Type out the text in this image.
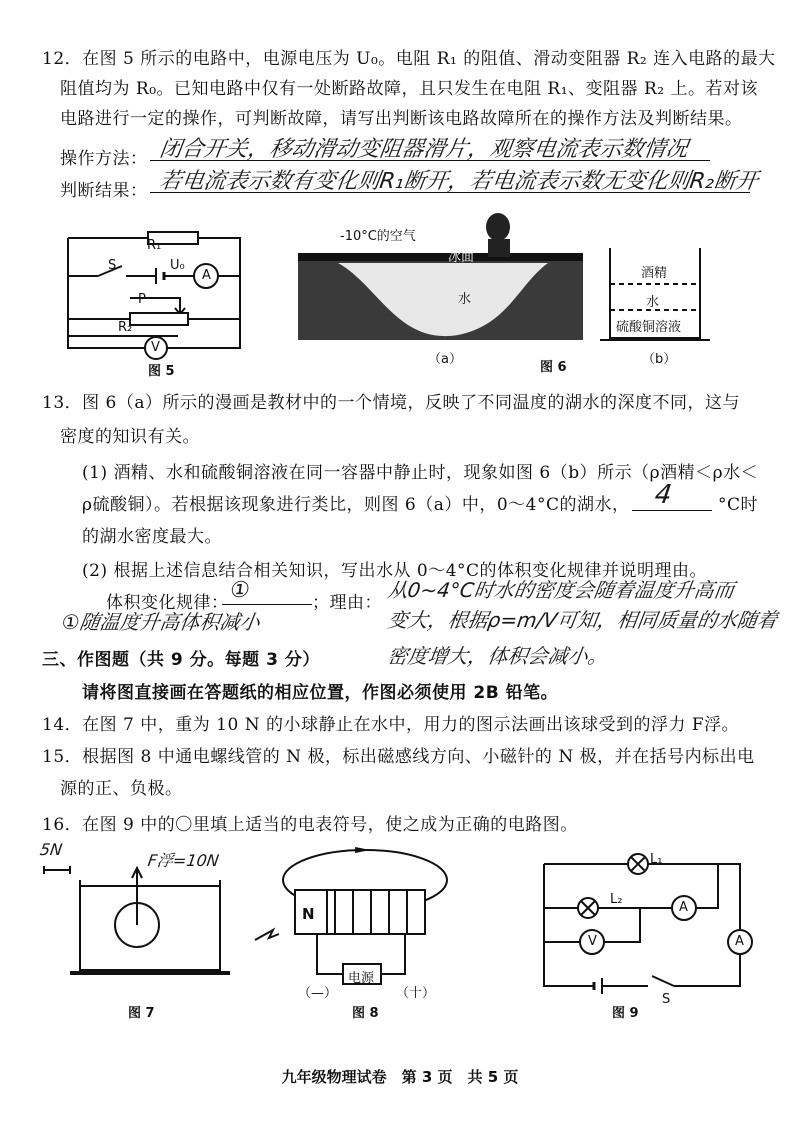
12．在图 5 所示的电路中，电源电压为 U₀。电阻 R₁ 的阻值、滑动变阻器 R₂ 连入电路的最大
阻值均为 R₀。已知电路中仅有一处断路故障，且只发生在电阻 R₁、变阻器 R₂ 上。若对该
电路进行一定的操作，可判断故障，请写出判断该电路故障所在的操作方法及判断结果。
操作方法： 闭合开关，移动滑动变阻器滑片，观察电流表示数情况
判断结果： 若电流表示数有变化则R₁断开，若电流表示数无变化则R₂断开
R₁
U₀
S
A
P
R₂
V
图 5
-10°C的空气
冰面
水
（a）
图 6
酒精
水
硫酸铜溶液
（b）
13．图 6（a）所示的漫画是教材中的一个情境，反映了不同温度的湖水的深度不同，这与
密度的知识有关。
(1) 酒精、水和硫酸铜溶液在同一容器中静止时，现象如图 6（b）所示（ρ酒精＜ρ水＜
ρ硫酸铜）。若根据该现象进行类比，则图 6（a）中，0～4°C的湖水， 4	°C时
的湖水密度最大。
(2) 根据上述信息结合相关知识，写出水从 0～4°C的体积变化规律并说明理由。
体积变化规律： ①	；理由：
从0~4°C时水的密度会随着温度升高而
①随温度升高体积减小	变大，根据ρ=m/V可知，相同质量的水随着
密度增大，体积会减小。
三、作图题（共 9 分。每题 3 分）
请将图直接画在答题纸的相应位置，作图必须使用 2B 铅笔。
14．在图 7 中，重为 10 N 的小球静止在水中，用力的图示法画出该球受到的浮力 F浮。
15．根据图 8 中通电螺线管的 N 极，标出磁感线方向、小磁针的 N 极，并在括号内标出电
源的正、负极。
16．在图 9 中的〇里填上适当的电表符号，使之成为正确的电路图。
5N
F浮=10N
图 7
N
电源
（—）	（十）
图 8
L₁
L₂
A
V	A
S
图 9
九年级物理试卷　第 3 页　共 5 页
